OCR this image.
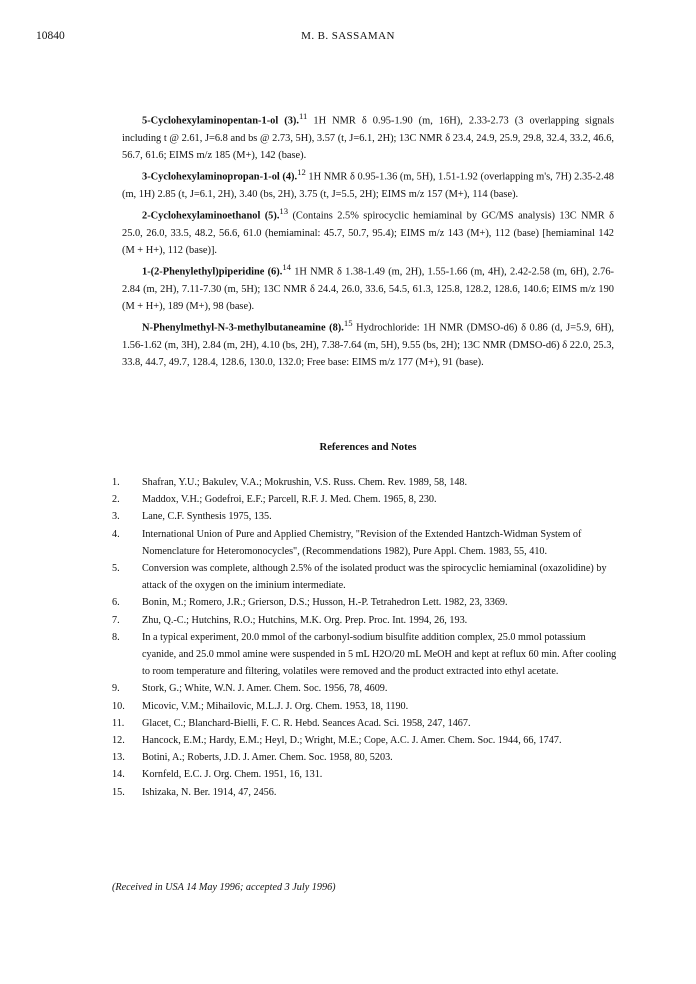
10840	M. B. SASSAMAN

5-Cyclohexylaminopentan-1-ol (3).$^{11}$ 1H NMR δ 0.95-1.90 (m, 16H), 2.33-2.73 (3 overlapping signals including t @ 2.61, J=6.8 and bs @ 2.73, 5H), 3.57 (t, J=6.1, 2H); 13C NMR δ 23.4, 24.9, 25.9, 29.8, 32.4, 33.2, 46.6, 56.7, 61.6; EIMS m/z 185 (M+), 142 (base).

3-Cyclohexylaminopropan-1-ol (4).$^{12}$ 1H NMR δ 0.95-1.36 (m, 5H), 1.51-1.92 (overlapping m's, 7H) 2.35-2.48 (m, 1H) 2.85 (t, J=6.1, 2H), 3.40 (bs, 2H), 3.75 (t, J=5.5, 2H); EIMS m/z 157 (M+), 114 (base).

2-Cyclohexylaminoethanol (5).$^{13}$ (Contains 2.5% spirocyclic hemiaminal by GC/MS analysis) 13C NMR δ 25.0, 26.0, 33.5, 48.2, 56.6, 61.0 (hemiaminal: 45.7, 50.7, 95.4); EIMS m/z 143 (M+), 112 (base) [hemiaminal 142 (M + H+), 112 (base)].

1-(2-Phenylethyl)piperidine (6).$^{14}$ 1H NMR δ 1.38-1.49 (m, 2H), 1.55-1.66 (m, 4H), 2.42-2.58 (m, 6H), 2.76-2.84 (m, 2H), 7.11-7.30 (m, 5H); 13C NMR δ 24.4, 26.0, 33.6, 54.5, 61.3, 125.8, 128.2, 128.6, 140.6; EIMS m/z 190 (M + H+), 189 (M+), 98 (base).

N-Phenylmethyl-N-3-methylbutaneamine (8).$^{15}$ Hydrochloride: 1H NMR (DMSO-d6) δ 0.86 (d, J=5.9, 6H), 1.56-1.62 (m, 3H), 2.84 (m, 2H), 4.10 (bs, 2H), 7.38-7.64 (m, 5H), 9.55 (bs, 2H); 13C NMR (DMSO-d6) δ 22.0, 25.3, 33.8, 44.7, 49.7, 128.4, 128.6, 130.0, 132.0; Free base: EIMS m/z 177 (M+), 91 (base).

References and Notes
1.	Shafran, Y.U.; Bakulev, V.A.; Mokrushin, V.S. Russ. Chem. Rev. 1989, 58, 148.
2.	Maddox, V.H.; Godefroi, E.F.; Parcell, R.F. J. Med. Chem. 1965, 8, 230.
3.	Lane, C.F. Synthesis 1975, 135.
4.	International Union of Pure and Applied Chemistry, "Revision of the Extended Hantzch-Widman System of Nomenclature for Heteromonocycles", (Recommendations 1982), Pure Appl. Chem. 1983, 55, 410.
5.	Conversion was complete, although 2.5% of the isolated product was the spirocyclic hemiaminal (oxazolidine) by attack of the oxygen on the iminium intermediate.
6.	Bonin, M.; Romero, J.R.; Grierson, D.S.; Husson, H.-P. Tetrahedron Lett. 1982, 23, 3369.
7.	Zhu, Q.-C.; Hutchins, R.O.; Hutchins, M.K. Org. Prep. Proc. Int. 1994, 26, 193.
8.	In a typical experiment, 20.0 mmol of the carbonyl-sodium bisulfite addition complex, 25.0 mmol potassium cyanide, and 25.0 mmol amine were suspended in 5 mL H2O/20 mL MeOH and kept at reflux 60 min. After cooling to room temperature and filtering, volatiles were removed and the product extracted into ethyl acetate.
9.	Stork, G.; White, W.N. J. Amer. Chem. Soc. 1956, 78, 4609.
10.	Micovic, V.M.; Mihailovic, M.L.J. J. Org. Chem. 1953, 18, 1190.
11.	Glacet, C.; Blanchard-Bielli, F. C. R. Hebd. Seances Acad. Sci. 1958, 247, 1467.
12.	Hancock, E.M.; Hardy, E.M.; Heyl, D.; Wright, M.E.; Cope, A.C. J. Amer. Chem. Soc. 1944, 66, 1747.
13.	Botini, A.; Roberts, J.D. J. Amer. Chem. Soc. 1958, 80, 5203.
14.	Kornfeld, E.C. J. Org. Chem. 1951, 16, 131.
15.	Ishizaka, N. Ber. 1914, 47, 2456.
(Received in USA 14 May 1996; accepted 3 July 1996)
